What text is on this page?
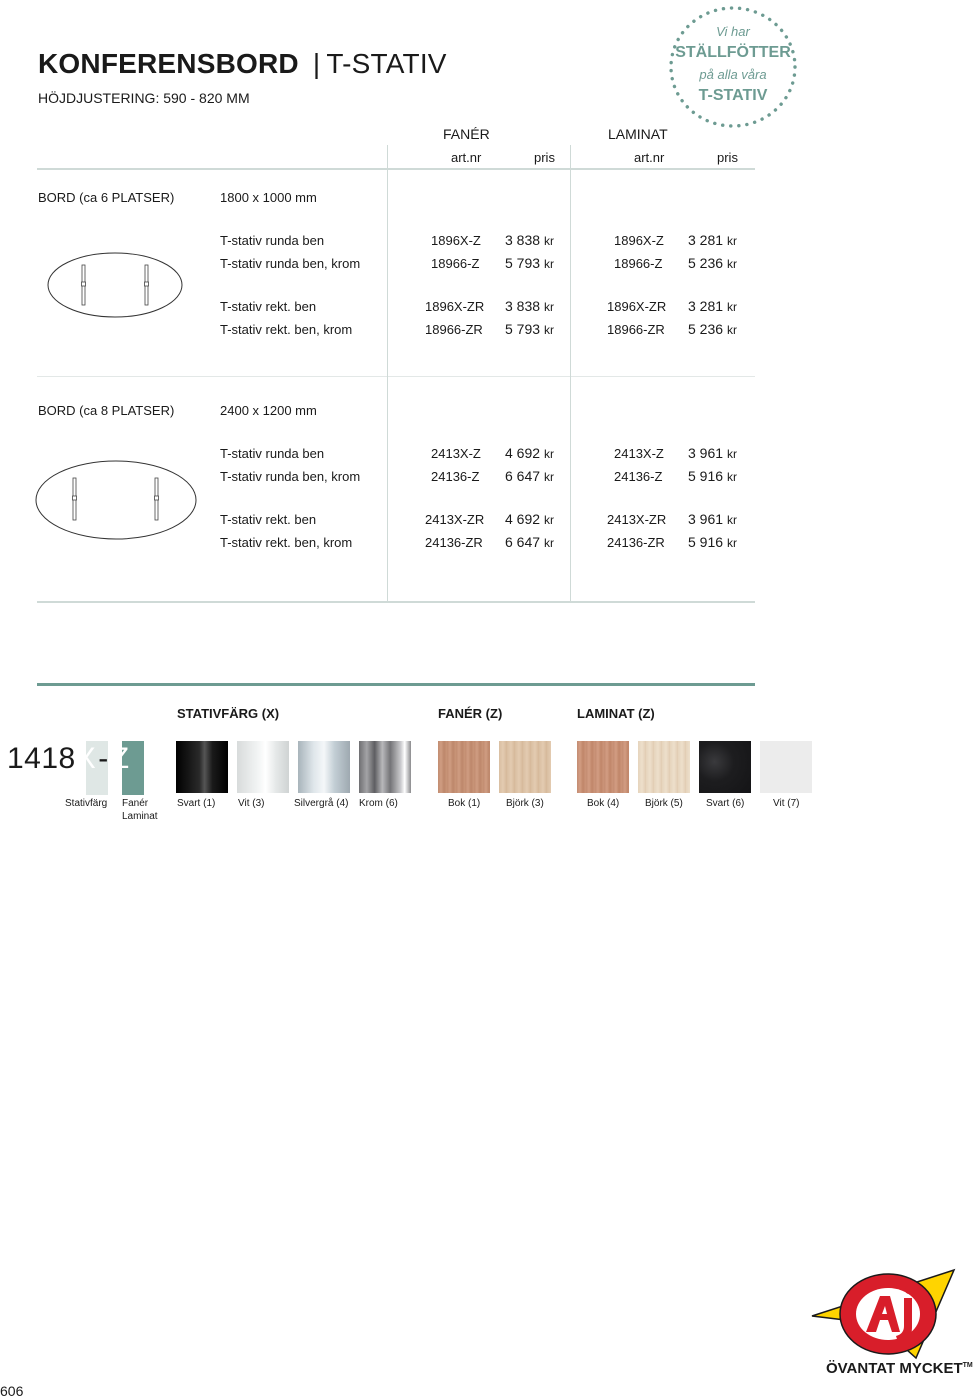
KONFERENSBORD | T-STATIV
HÖJDJUSTERING: 590 - 820 MM
Vi har
STÄLLFÖTTER
på alla våra
T-STATIV
FANÉR	LAMINAT
art.nr	pris	art.nr	pris
BORD (ca 6 PLATSER)	1800 x 1000 mm
T-stativ runda ben	1896X-Z 3 838 kr	1896X-Z 3 281 kr
T-stativ runda ben, krom	18966-Z 5 793 kr	18966-Z 5 236 kr
T-stativ rekt. ben	1896X-ZR 3 838 kr	1896X-ZR 3 281 kr
T-stativ rekt. ben, krom	18966-ZR 5 793 kr	18966-ZR 5 236 kr
BORD (ca 8 PLATSER)	2400 x 1200 mm
T-stativ runda ben	2413X-Z 4 692 kr	2413X-Z 3 961 kr
T-stativ runda ben, krom	24136-Z 6 647 kr	24136-Z 5 916 kr
T-stativ rekt. ben	2413X-ZR 4 692 kr	2413X-ZR 3 961 kr
T-stativ rekt. ben, krom	24136-ZR 6 647 kr	24136-ZR 5 916 kr
STATIVFÄRG (X)	FANÉR (Z)	LAMINAT (Z)
1418X-Z
Stativfärg Fanér
Laminat
Svart (1) Vit (3)	Silvergrå (4) Krom (6)	Bok (1)	Björk (3)	Bok (4)	Björk (5) Svart (6)	Vit (7)
ÖVANTAT MYCKET™
606
